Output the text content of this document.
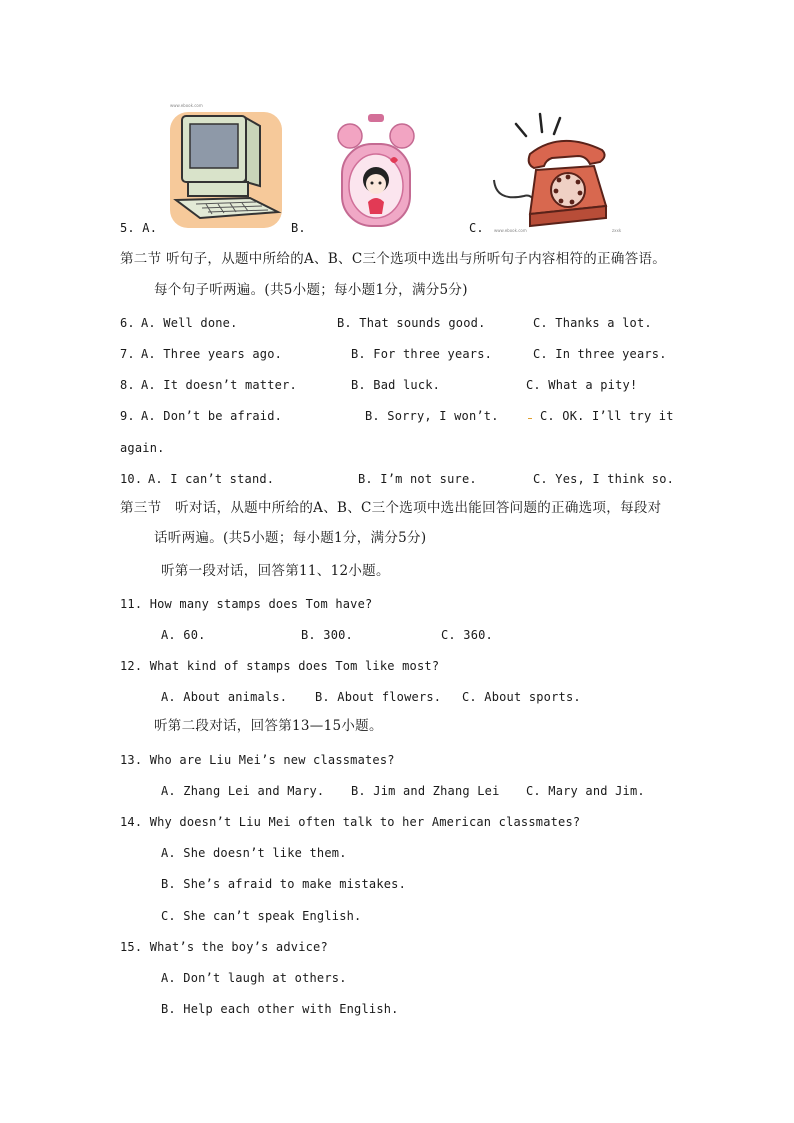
www.ebook.com
www.ebook.com	zxxk
5. A.	B.	C.
第二节 听句子，从题中所给的A、B、C三个选项中选出与所听句子内容相符的正确答语。
每个句子听两遍。(共5小题；每小题1分，满分5分)
6. A. Well done.	B. That sounds good.	C. Thanks a lot.
7. A. Three years ago.	B. For three years.	C. In three years.
8. A. It doesn’t matter.	B. Bad luck.	C. What a pity!
9. A. Don’t be afraid.	B. Sorry, I won’t.	C. OK. I’ll try it
again.
10. A. I can’t stand.	B. I’m not sure.	C. Yes, I think so.
第三节   听对话，从题中所给的A、B、C三个选项中选出能回答问题的正确选项，每段对
话听两遍。(共5小题；每小题1分，满分5分)
听第一段对话，回答第11、12小题。
11. How many stamps does Tom have?
A. 60.	B. 300.	C. 360.
12. What kind of stamps does Tom like most?
A. About animals. B. About flowers. C. About sports.
听第二段对话，回答第13—15小题。
13. Who are Liu Mei’s new classmates?
A. Zhang Lei and Mary. B. Jim and Zhang Lei C. Mary and Jim.
14. Why doesn’t Liu Mei often talk to her American classmates?
A. She doesn’t like them.
B. She’s afraid to make mistakes.
C. She can’t speak English.
15. What’s the boy’s advice?
A. Don’t laugh at others.
B. Help each other with English.
